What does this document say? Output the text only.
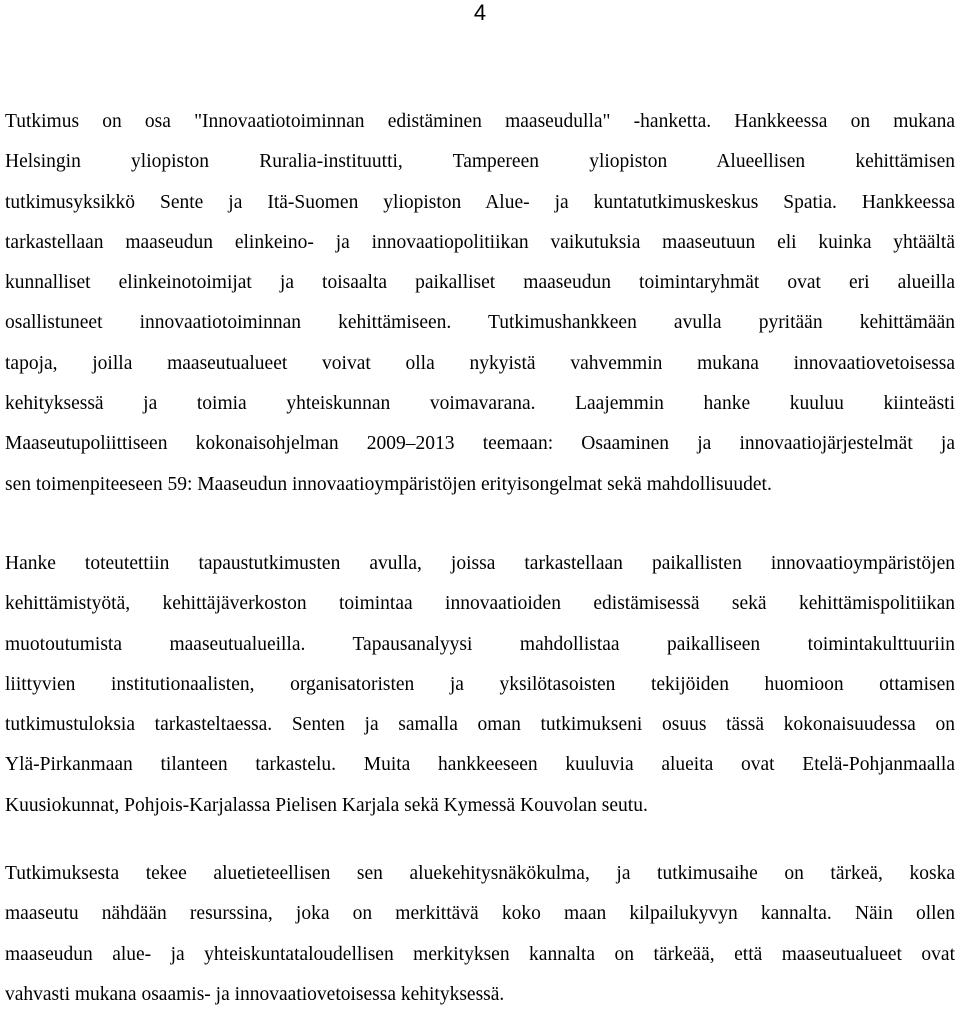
4
Tutkimus on osa "Innovaatiotoiminnan edistäminen maaseudulla" -hanketta. Hankkeessa on mukana
Helsingin yliopiston Ruralia-instituutti, Tampereen yliopiston Alueellisen kehittämisen
tutkimusyksikkö Sente ja Itä-Suomen yliopiston Alue- ja kuntatutkimuskeskus Spatia. Hankkeessa
tarkastellaan maaseudun elinkeino- ja innovaatiopolitiikan vaikutuksia maaseutuun eli kuinka yhtäältä
kunnalliset elinkeinotoimijat ja toisaalta paikalliset maaseudun toimintaryhmät ovat eri alueilla
osallistuneet innovaatiotoiminnan kehittämiseen. Tutkimushankkeen avulla pyritään kehittämään
tapoja, joilla maaseutualueet voivat olla nykyistä vahvemmin mukana innovaatiovetoisessa
kehityksessä ja toimia yhteiskunnan voimavarana. Laajemmin hanke kuuluu kiinteästi
Maaseutupoliittiseen kokonaisohjelman 2009–2013 teemaan: Osaaminen ja innovaatiojärjestelmät ja
sen toimenpiteeseen 59: Maaseudun innovaatioympäristöjen erityisongelmat sekä mahdollisuudet.
Hanke toteutettiin tapaustutkimusten avulla, joissa tarkastellaan paikallisten innovaatioympäristöjen
kehittämistyötä, kehittäjäverkoston toimintaa innovaatioiden edistämisessä sekä kehittämispolitiikan
muotoutumista maaseutualueilla. Tapausanalyysi mahdollistaa paikalliseen toimintakulttuuriin
liittyvien institutionaalisten, organisatoristen ja yksilötasoisten tekijöiden huomioon ottamisen
tutkimustuloksia tarkasteltaessa. Senten ja samalla oman tutkimukseni osuus tässä kokonaisuudessa on
Ylä-Pirkanmaan tilanteen tarkastelu. Muita hankkeeseen kuuluvia alueita ovat Etelä-Pohjanmaalla
Kuusiokunnat, Pohjois-Karjalassa Pielisen Karjala sekä Kymessä Kouvolan seutu.
Tutkimuksesta tekee aluetieteellisen sen aluekehitysnäkökulma, ja tutkimusaihe on tärkeä, koska
maaseutu nähdään resurssina, joka on merkittävä koko maan kilpailukyvyn kannalta. Näin ollen
maaseudun alue- ja yhteiskuntataloudellisen merkityksen kannalta on tärkeää, että maaseutualueet ovat
vahvasti mukana osaamis- ja innovaatiovetoisessa kehityksessä.
